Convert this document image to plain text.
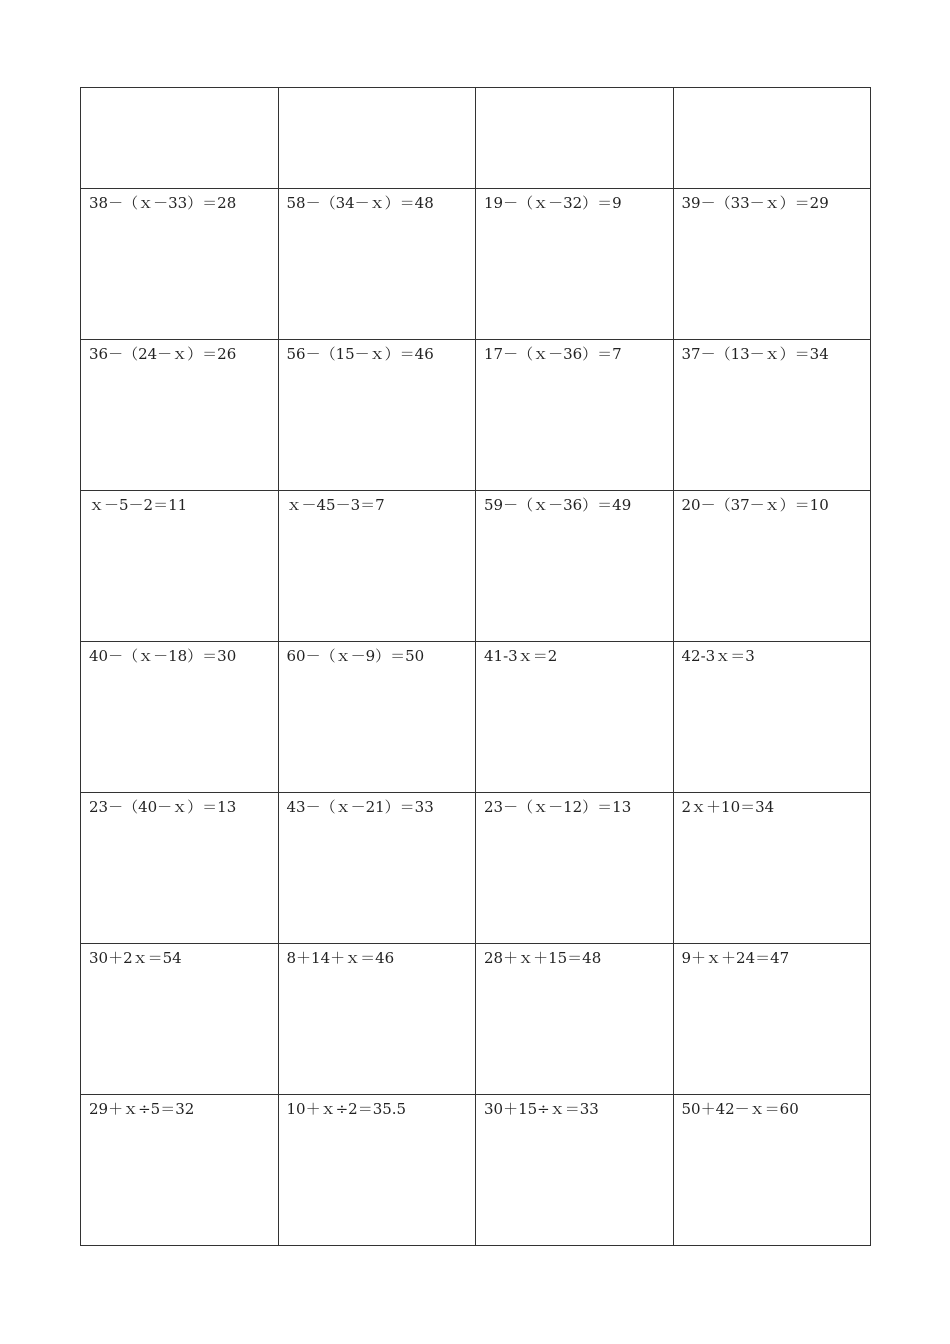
38－（ｘ－33）＝28	58－（34－ｘ）＝48	19－（ｘ－32）＝9	39－（33－ｘ）＝29
36－（24－ｘ）＝26	56－（15－ｘ）＝46	17－（ｘ－36）＝7	37－（13－ｘ）＝34
ｘ－5－2＝11	ｘ－45－3＝7	59－（ｘ－36）＝49	20－（37－ｘ）＝10
40－（ｘ－18）＝30	60－（ｘ－9）＝50	41-3ｘ＝2	42-3ｘ＝3
23－（40－ｘ）＝13	43－（ｘ－21）＝33	23－（ｘ－12）＝13	2ｘ＋10＝34
30＋2ｘ＝54	8＋14＋ｘ＝46	28＋ｘ＋15＝48	9＋ｘ＋24＝47
29＋ｘ÷5＝32	10＋ｘ÷2＝35.5	30＋15÷ｘ＝33	50＋42－ｘ＝60
